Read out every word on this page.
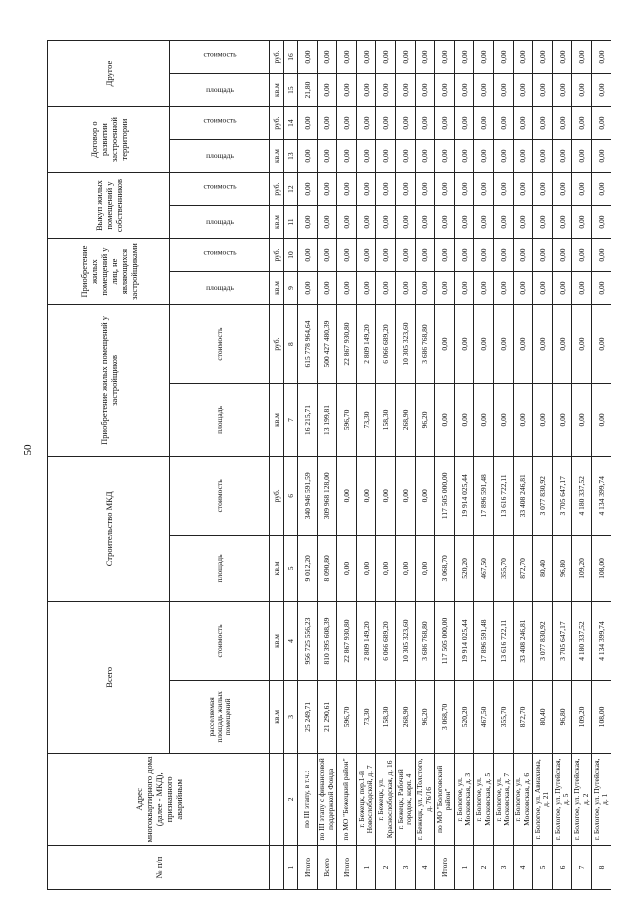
50
№ п/п	Адрес многоквартирного дома (далее - МКД), признанного аварийным	Всего		Строительство МКД		Приобретение жилых помещений у застройщиков		Приобретение жилых помещений у лиц, не являющихся застройщиками		Выкуп жилых помещений у собственников		Договор о развитии застроенной территории		Другое	
		расселяемая площадь жилых помещений	стоимость	площадь	стоимость	площадь	стоимость	площадь	стоимость	площадь	стоимость	площадь	стоимость	площадь	стоимость
		кв.м	кв.м	кв.м	руб.	кв.м	руб.	кв.м	руб.	кв.м	руб.	кв.м	руб.	кв.м	руб.
1	2	3	4	5	6	7	8	9	10	11	12	13	14	15	16
Итого	по III этапу, в т.ч.:	25 249,71	956 725 556,23	9 012,20	340 946 591,59	16 215,71	615 778 964,64	0,00	0,00	0,00	0,00	0,00	0,00	21,80	0,00
Всего	по III этапу с финансовой поддержкой Фонда	21 290,61	810 395 608,39	8 090,80	309 968 128,00	13 199,81	500 427 480,39	0,00	0,00	0,00	0,00	0,00	0,00	0,00	0,00
Итого	по МО "Бежецкий район"	596,70	22 867 930,80	0,00	0,00	596,70	22 867 930,80	0,00	0,00	0,00	0,00	0,00	0,00	0,00	0,00
1	г. Бежецк, пер.1-й Новослободской, д. 7	73,30	2 809 149,20	0,00	0,00	73,30	2 809 149,20	0,00	0,00	0,00	0,00	0,00	0,00	0,00	0,00
2	г. Бежецк, ул. Краснослободская, д. 16	158,30	6 066 689,20	0,00	0,00	158,30	6 066 689,20	0,00	0,00	0,00	0,00	0,00	0,00	0,00	0,00
3	г. Бежецк, Рабочий городок, корп. 4	268,90	10 305 323,60	0,00	0,00	268,90	10 305 323,60	0,00	0,00	0,00	0,00	0,00	0,00	0,00	0,00
4	г. Бежецк, ул. Л.Толстого, д. 76/16	96,20	3 686 768,80	0,00	0,00	96,20	3 686 768,80	0,00	0,00	0,00	0,00	0,00	0,00	0,00	0,00
Итого	по МО "Бологовский район"	3 068,70	117 505 000,00	3 068,70	117 505 000,00	0,00	0,00	0,00	0,00	0,00	0,00	0,00	0,00	0,00	0,00
1	г. Бологое, ул. Московская, д. 3	520,20	19 914 025,44	520,20	19 914 025,44	0,00	0,00	0,00	0,00	0,00	0,00	0,00	0,00	0,00	0,00
2	г. Бологое, ул. Московская, д. 5	467,50	17 896 591,48	467,50	17 896 591,48	0,00	0,00	0,00	0,00	0,00	0,00	0,00	0,00	0,00	0,00
3	г. Бологое, ул. Московская, д. 7	355,70	13 616 722,11	355,70	13 616 722,11	0,00	0,00	0,00	0,00	0,00	0,00	0,00	0,00	0,00	0,00
4	г. Бологое, ул. Московская, д. 6	872,70	33 408 246,81	872,70	33 408 246,81	0,00	0,00	0,00	0,00	0,00	0,00	0,00	0,00	0,00	0,00
5	г. Бологое, ул. Авиахима, д. 21	80,40	3 077 830,92	80,40	3 077 830,92	0,00	0,00	0,00	0,00	0,00	0,00	0,00	0,00	0,00	0,00
6	г. Бологое, ул. Путейская, д. 5	96,80	3 705 647,17	96,80	3 705 647,17	0,00	0,00	0,00	0,00	0,00	0,00	0,00	0,00	0,00	0,00
7	г. Бологое, ул. Путейская, д. 2	109,20	4 180 337,52	109,20	4 180 337,52	0,00	0,00	0,00	0,00	0,00	0,00	0,00	0,00	0,00	0,00
8	г. Бологое, ул. Путейская, д. 1	108,00	4 134 399,74	108,00	4 134 399,74	0,00	0,00	0,00	0,00	0,00	0,00	0,00	0,00	0,00	0,00
